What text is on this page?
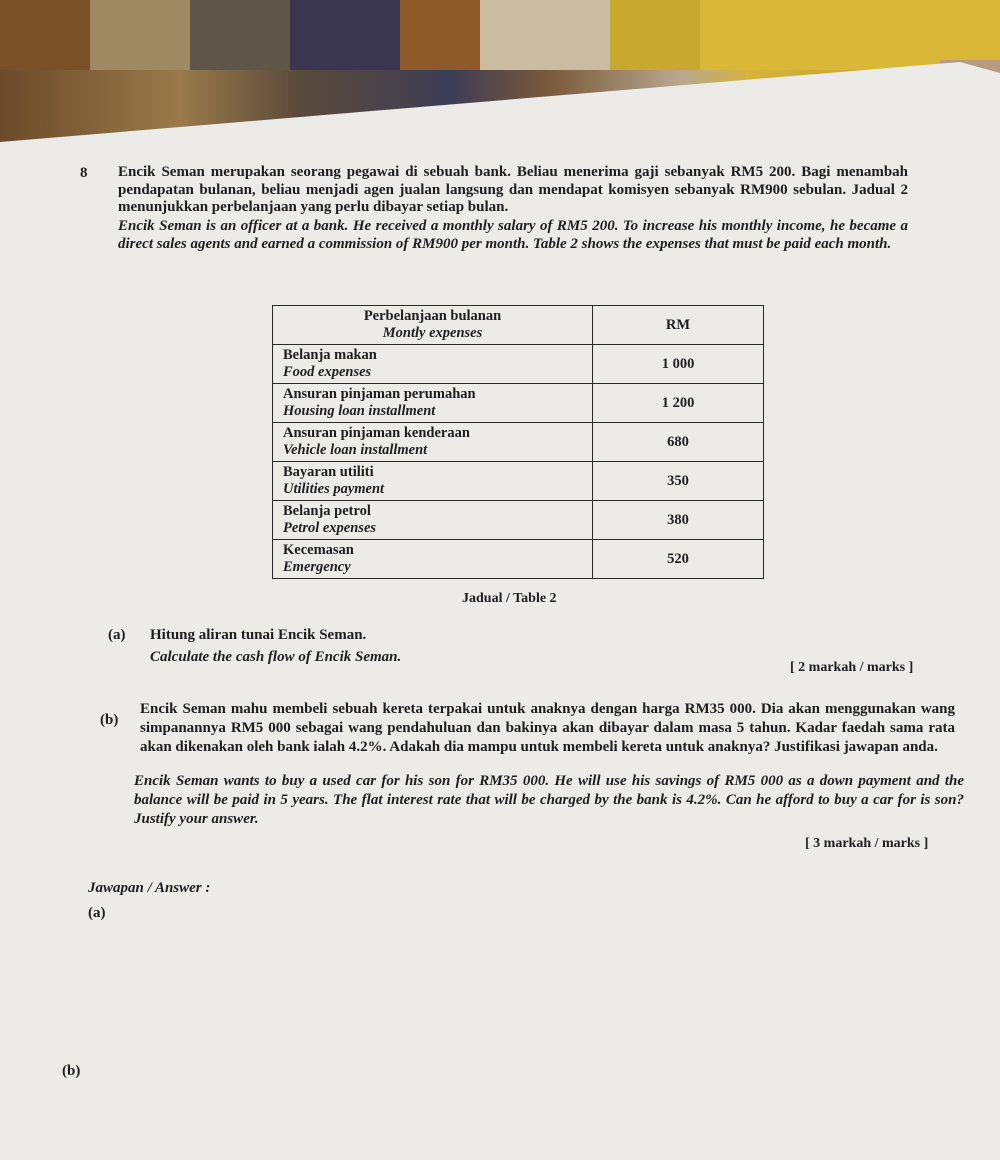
8 Encik Seman merupakan seorang pegawai di sebuah bank. Beliau menerima gaji sebanyak RM5 200. Bagi menambah pendapatan bulanan, beliau menjadi agen jualan langsung dan mendapat komisyen sebanyak RM900 sebulan. Jadual 2 menunjukkan perbelanjaan yang perlu dibayar setiap bulan.

Encik Seman is an officer at a bank. He received a monthly salary of RM5 200. To increase his monthly income, he became a direct sales agents and earned a commission of RM900 per month. Table 2 shows the expenses that must be paid each month.

Perbelanjaan bulanan
Montly expenses	RM

Belanja makan
Food expenses	1 000

Ansuran pinjaman perumahan
Housing loan installment	1 200

Ansuran pinjaman kenderaan
Vehicle loan installment	680

Bayaran utiliti
Utilities payment	350

Belanja petrol
Petrol expenses	380

Kecemasan
Emergency	520
Jadual / Table 2
(a) Hitung aliran tunai Encik Seman.
Calculate the cash flow of Encik Seman.
[ 2 markah / marks ]
(b)

Encik Seman mahu membeli sebuah kereta terpakai untuk anaknya dengan harga RM35 000. Dia akan menggunakan wang simpanannya RM5 000 sebagai wang pendahuluan dan bakinya akan dibayar dalam masa 5 tahun. Kadar faedah sama rata akan dikenakan oleh bank ialah 4.2%. Adakah dia mampu untuk membeli kereta untuk anaknya? Justifikasi jawapan anda.

Encik Seman wants to buy a used car for his son for RM35 000. He will use his savings of RM5 000 as a down payment and the balance will be paid in 5 years. The flat interest rate that will be charged by the bank is 4.2%. Can he afford to buy a car for is son? Justify your answer.

[ 3 markah / marks ]
Jawapan / Answer :
(a)
(b)
